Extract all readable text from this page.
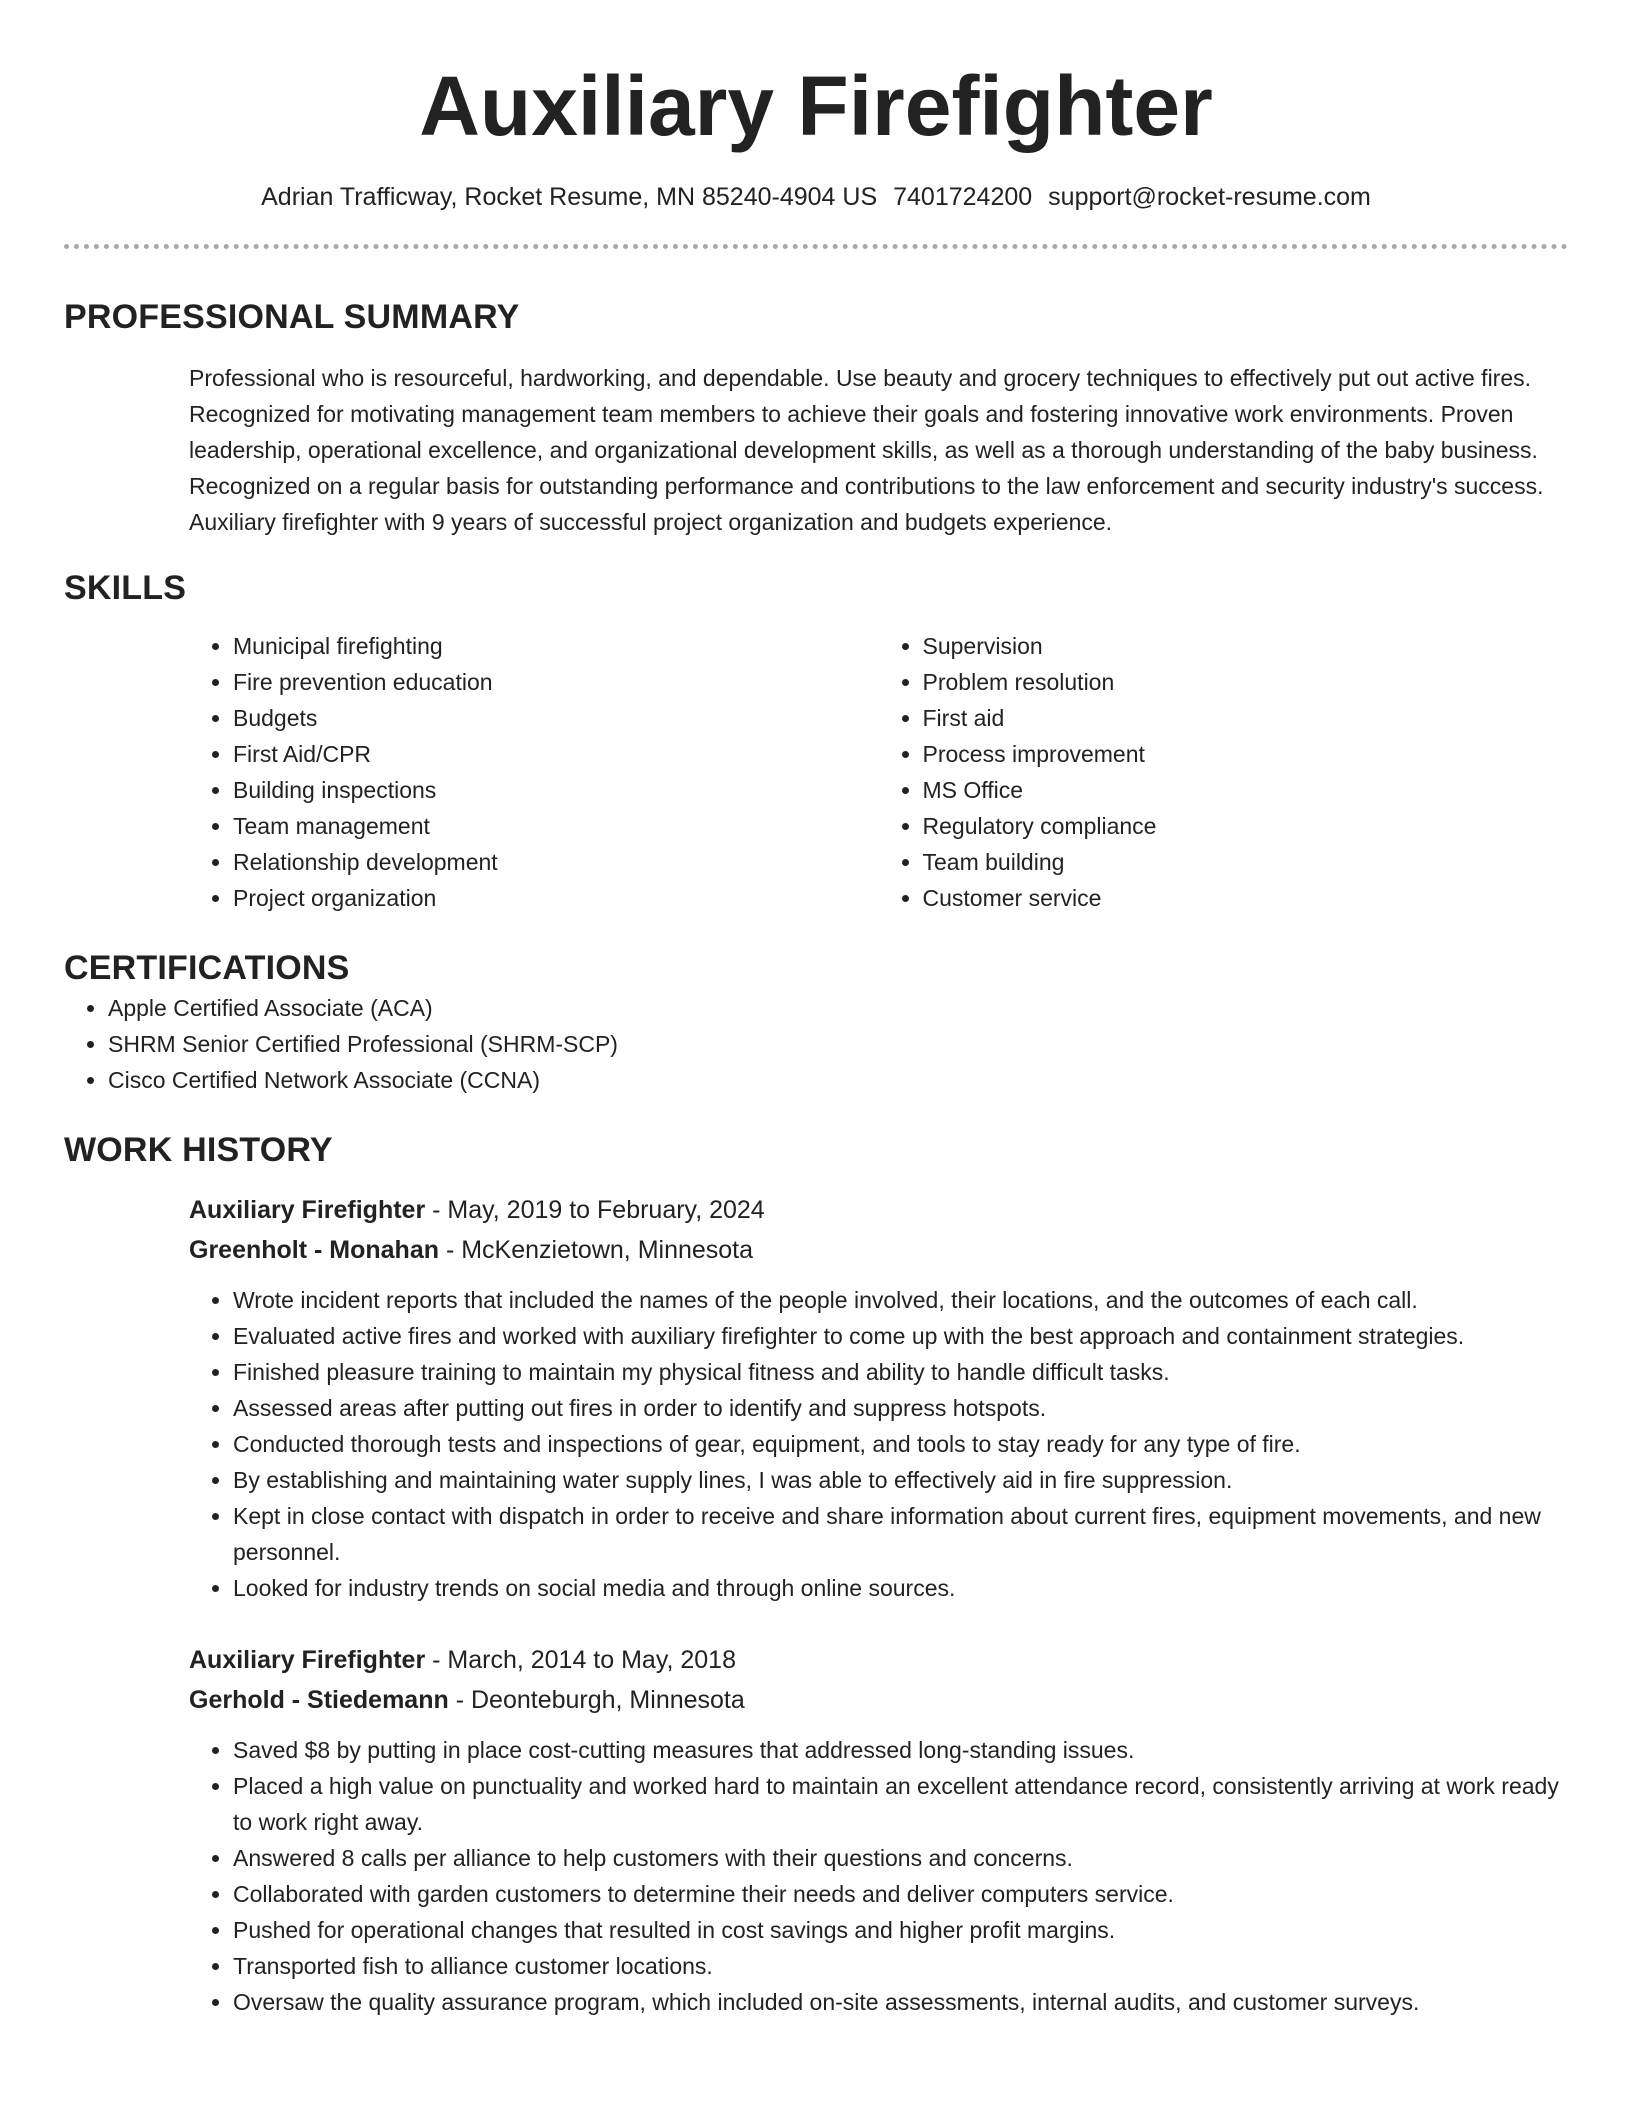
Auxiliary Firefighter
Adrian Trafficway, Rocket Resume, MN 85240-4904 US 7401724200 support@rocket-resume.com
PROFESSIONAL SUMMARY

Professional who is resourceful, hardworking, and dependable. Use beauty and grocery techniques to effectively put out active fires. Recognized for motivating management team members to achieve their goals and fostering innovative work environments. Proven leadership, operational excellence, and organizational development skills, as well as a thorough understanding of the baby business. Recognized on a regular basis for outstanding performance and contributions to the law enforcement and security industry's success. Auxiliary firefighter with 9 years of successful project organization and budgets experience.

SKILLS
• Municipal firefighting
• Fire prevention education
• Budgets
• First Aid/CPR
• Building inspections
• Team management
• Relationship development
• Project organization
• Supervision
• Problem resolution
• First aid
• Process improvement
• MS Office
• Regulatory compliance
• Team building
• Customer service
CERTIFICATIONS
• Apple Certified Associate (ACA)
• SHRM Senior Certified Professional (SHRM-SCP)
• Cisco Certified Network Associate (CCNA)
WORK HISTORY
Auxiliary Firefighter - May, 2019 to February, 2024
Greenholt - Monahan - McKenzietown, Minnesota
• Wrote incident reports that included the names of the people involved, their locations, and the outcomes of each call.
• Evaluated active fires and worked with auxiliary firefighter to come up with the best approach and containment strategies.
• Finished pleasure training to maintain my physical fitness and ability to handle difficult tasks.
• Assessed areas after putting out fires in order to identify and suppress hotspots.
• Conducted thorough tests and inspections of gear, equipment, and tools to stay ready for any type of fire.
• By establishing and maintaining water supply lines, I was able to effectively aid in fire suppression.
• Kept in close contact with dispatch in order to receive and share information about current fires, equipment movements, and new personnel.
• Looked for industry trends on social media and through online sources.
Auxiliary Firefighter - March, 2014 to May, 2018
Gerhold - Stiedemann - Deonteburgh, Minnesota
• Saved $8 by putting in place cost-cutting measures that addressed long-standing issues.
• Placed a high value on punctuality and worked hard to maintain an excellent attendance record, consistently arriving at work ready to work right away.
• Answered 8 calls per alliance to help customers with their questions and concerns.
• Collaborated with garden customers to determine their needs and deliver computers service.
• Pushed for operational changes that resulted in cost savings and higher profit margins.
• Transported fish to alliance customer locations.
• Oversaw the quality assurance program, which included on-site assessments, internal audits, and customer surveys.
